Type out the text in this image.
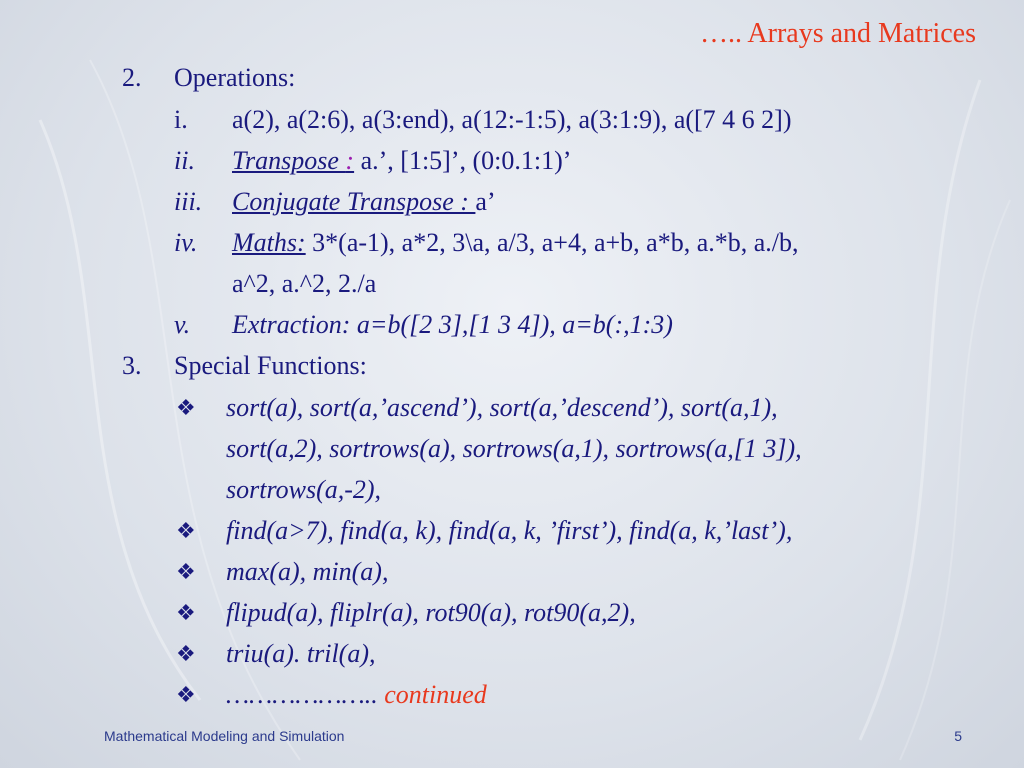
….. Arrays and Matrices
2. Operations:
i. a(2), a(2:6), a(3:end), a(12:-1:5), a(3:1:9), a([7 4 6 2])
ii. Transpose : a.’, [1:5]’, (0:0.1:1)’
iii. Conjugate Transpose : a’
iv. Maths: 3*(a-1), a*2, 3\a, a/3, a+4, a+b, a*b, a.*b, a./b,
a^2, a.^2, 2./a
v. Extraction: a=b([2 3],[1 3 4]), a=b(:,1:3)
3. Special Functions:
❖ sort(a), sort(a,’ascend’), sort(a,’descend’), sort(a,1),
sort(a,2), sortrows(a), sortrows(a,1), sortrows(a,[1 3]),
sortrows(a,-2),
❖ find(a>7), find(a, k), find(a, k, ’first’), find(a, k,’last’),
❖ max(a), min(a),
❖ flipud(a), fliplr(a), rot90(a), rot90(a,2),
❖ triu(a). tril(a),
❖ ……………….. continued
Mathematical Modeling and Simulation	5
